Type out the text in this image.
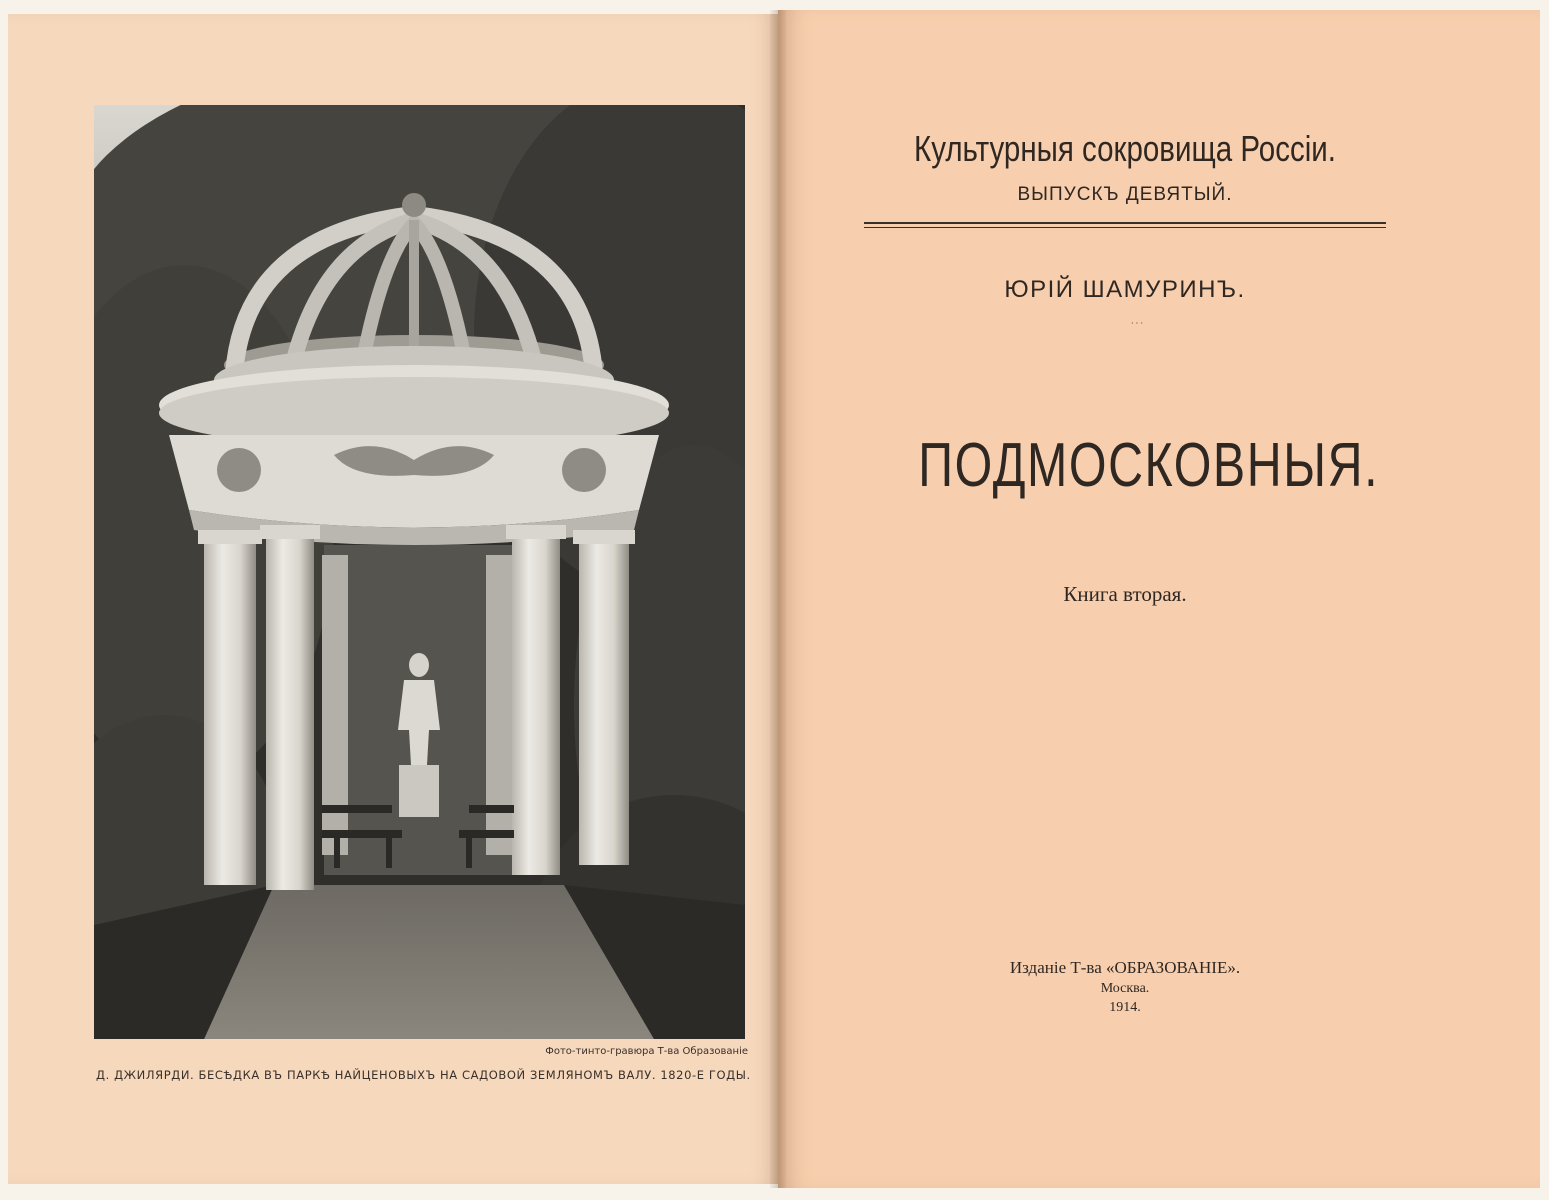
Фото-тинто-гравюра Т-ва Образованiе
Д. ДЖИЛЯРДИ. БЕСѢДКА ВЪ ПАРКѢ НАЙЦЕНОВЫХЪ НА САДОВОЙ ЗЕМЛЯНОМЪ ВАЛУ. 1820-Е ГОДЫ.
Культурныя сокровища Россiи.
ВЫПУСКЪ ДЕВЯТЫЙ.
ЮРIЙ ШАМУРИНЪ.
⸱ ⸱ ⸱
ПОДМОСКОВНЫЯ.
Книга вторая.
Изданiе Т-ва «ОБРАЗОВАНIЕ».
Москва.
1914.
